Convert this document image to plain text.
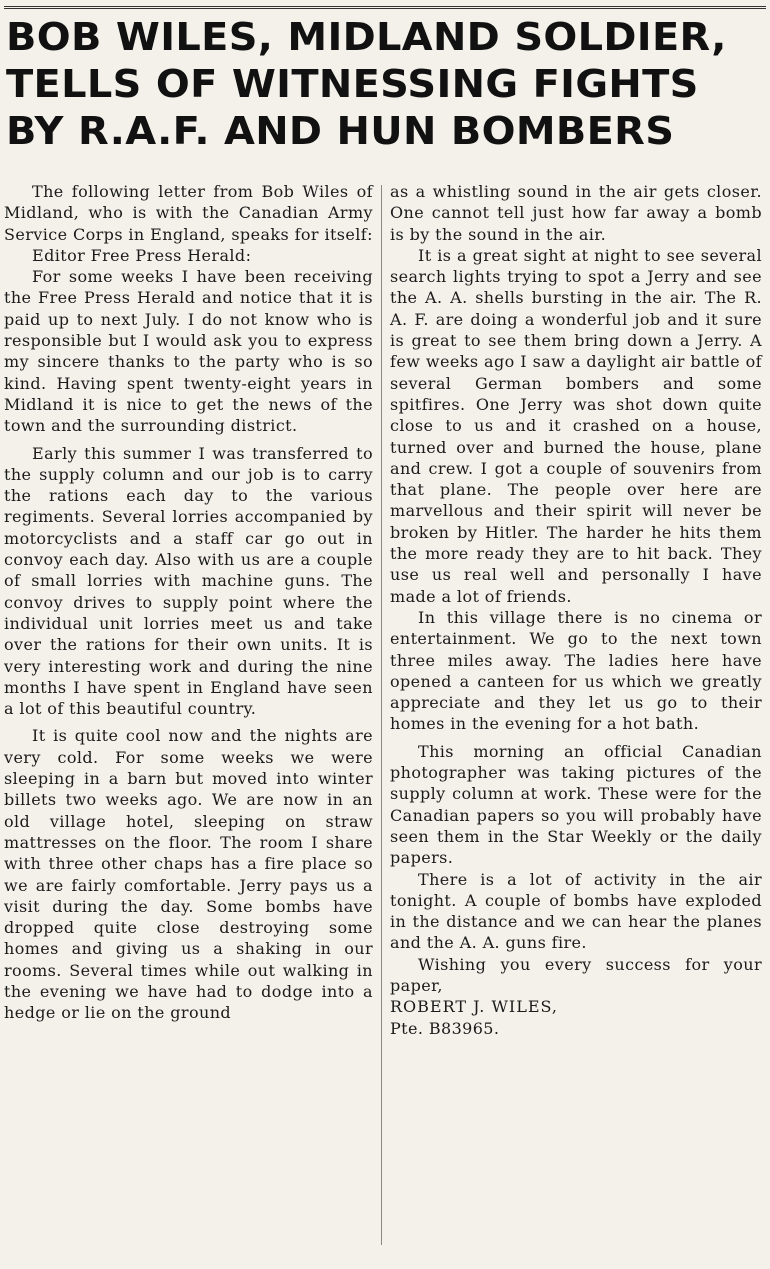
BOB WILES, MIDLAND SOLDIER,
TELLS OF WITNESSING FIGHTS
BY R.A.F. AND HUN BOMBERS

The following letter from Bob Wiles of Midland, who is with the Canadian Army Service Corps in England, speaks for itself:

Editor Free Press Herald:

For some weeks I have been receiving the Free Press Herald and notice that it is paid up to next July. I do not know who is responsible but I would ask you to express my sincere thanks to the party who is so kind. Having spent twenty-eight years in Midland it is nice to get the news of the town and the surrounding district.

Early this summer I was transferred to the supply column and our job is to carry the rations each day to the various regiments. Several lorries accompanied by motorcyclists and a staff car go out in convoy each day. Also with us are a couple of small lorries with machine guns. The convoy drives to supply point where the individual unit lorries meet us and take over the rations for their own units. It is very interesting work and during the nine months I have spent in England have seen a lot of this beautiful country.

It is quite cool now and the nights are very cold. For some weeks we were sleeping in a barn but moved into winter billets two weeks ago. We are now in an old village hotel, sleeping on straw mattresses on the floor. The room I share with three other chaps has a fire place so we are fairly comfortable. Jerry pays us a visit during the day. Some bombs have dropped quite close destroying some homes and giving us a shaking in our rooms. Several times while out walking in the evening we have had to dodge into a hedge or lie on the ground

as a whistling sound in the air gets closer. One cannot tell just how far away a bomb is by the sound in the air.

It is a great sight at night to see several search lights trying to spot a Jerry and see the A. A. shells bursting in the air. The R. A. F. are doing a wonderful job and it sure is great to see them bring down a Jerry. A few weeks ago I saw a daylight air battle of several German bombers and some spitfires. One Jerry was shot down quite close to us and it crashed on a house, turned over and burned the house, plane and crew. I got a couple of souvenirs from that plane. The people over here are marvellous and their spirit will never be broken by Hitler. The harder he hits them the more ready they are to hit back. They use us real well and personally I have made a lot of friends.

In this village there is no cinema or entertainment. We go to the next town three miles away. The ladies here have opened a canteen for us which we greatly appreciate and they let us go to their homes in the evening for a hot bath.

This morning an official Canadian photographer was taking pictures of the supply column at work. These were for the Canadian papers so you will probably have seen them in the Star Weekly or the daily papers.

There is a lot of activity in the air tonight. A couple of bombs have exploded in the distance and we can hear the planes and the A. A. guns fire.

Wishing you every success for your paper,

ROBERT J. WILES,

Pte. B83965.
